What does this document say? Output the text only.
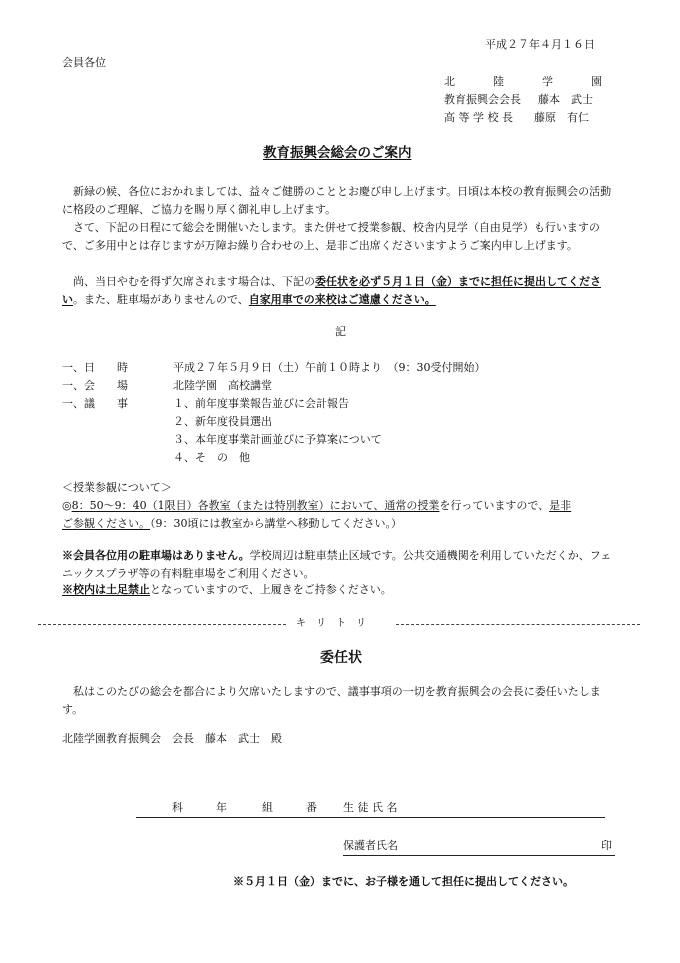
平成２７年４月１６日
会員各位
北	陸	学	園
教育振興会会長 藤本　武士
高 等 学 校 長 藤原　有仁
教育振興会総会のご案内
新緑の候、各位におかれましては、益々ご健勝のこととお慶び申し上げます。日頃は本校の教育振興会の活動に格段のご理解、ご協力を賜り厚く御礼申し上げます。
さて、下記の日程にて総会を開催いたします。また併せて授業参観、校舎内見学（自由見学）も行いますので、ご多用中とは存じますが万障お繰り合わせの上、是非ご出席くださいますようご案内申し上げます。
尚、当日やむを得ず欠席されます場合は、下記の委任状を必ず５月１日（金）までに担任に提出してください。また、駐車場がありませんので、自家用車での来校はご遠慮ください。
記
一、日　　時	平成２７年５月９日（土）午前１０時より　（9：30受付開始）
一、会　　場	北陸学園　高校講堂
一、議　　事	１、前年度事業報告並びに会計報告
２、新年度役員選出
３、本年度事業計画並びに予算案について
４、そ　の　他
＜授業参観について＞
◎8：50～9：40（1限目）各教室（または特別教室）において、通常の授業を行っていますので、是非
ご参観ください。（9：30頃には教室から講堂へ移動してください。）
※会員各位用の駐車場はありません。学校周辺は駐車禁止区域です。公共交通機関を利用していただくか、フェニックスプラザ等の有料駐車場をご利用ください。
※校内は土足禁止となっていますので、上履きをご持参ください。
キ　リ　ト　リ
委任状
私はこのたびの総会を都合により欠席いたしますので、議事事項の一切を教育振興会の会長に委任いたします。
北陸学園教育振興会　会長　藤本　武士　殿
科	年	組	番 生 徒 氏 名
保護者氏名	印
※５月１日（金）までに、お子様を通して担任に提出してください。
